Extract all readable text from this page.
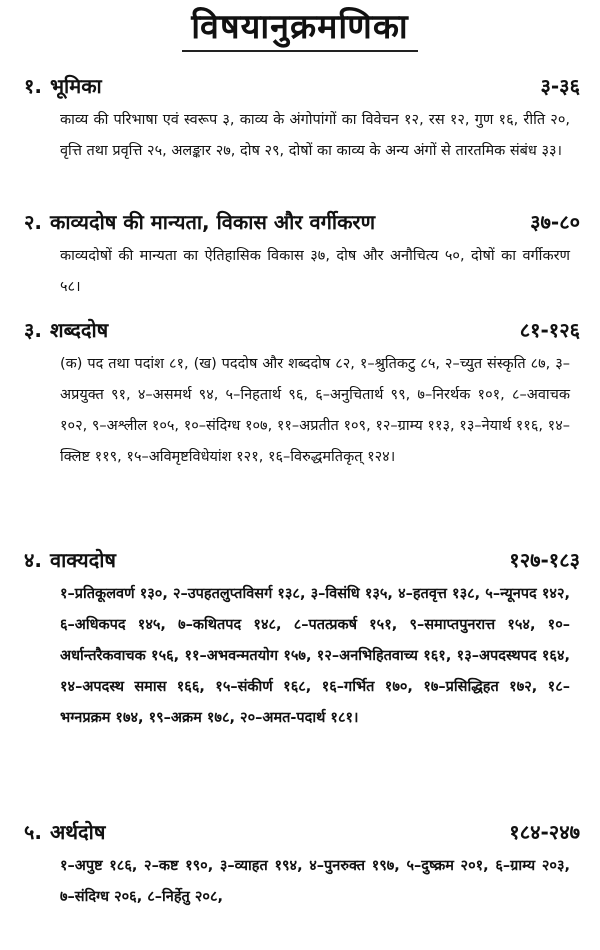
विषयानुक्रमणिका
१. भूमिका	३-३६
काव्य की परिभाषा एवं स्वरूप ३, काव्य के अंगोपांगों का विवेचन १२, रस १२, गुण १६, रीति २०, वृत्ति तथा प्रवृत्ति २५, अलङ्कार २७, दोष २९, दोषों का काव्य के अन्य अंगों से तारतमिक संबंध ३३।
२. काव्यदोष की मान्यता, विकास और वर्गीकरण	३७-८०
काव्यदोषों की मान्यता का ऐतिहासिक विकास ३७, दोष और अनौचित्य ५०, दोषों का वर्गीकरण ५८।
३. शब्ददोष	८१-१२६
(क) पद तथा पदांश ८१, (ख) पददोष और शब्ददोष ८२, १–श्रुतिकटु ८५, २–च्युत संस्कृति ८७, ३–अप्रयुक्त ९१, ४–असमर्थ ९४, ५–निहतार्थ ९६, ६–अनुचितार्थ ९९, ७–निरर्थक १०१, ८–अवाचक १०२, ९–अश्लील १०५, १०–संदिग्ध १०७, ११–अप्रतीत १०९, १२–ग्राम्य ११३, १३–नेयार्थ ११६, १४–क्लिष्ट ११९, १५–अविमृष्टविधेयांश १२१, १६–विरुद्धमतिकृत् १२४।
४. वाक्यदोष	१२७-१८३
१–प्रतिकूलवर्ण १३०, २–उपहतलुप्तविसर्ग १३८, ३–विसंधि १३५, ४–हतवृत्त १३८, ५–न्यूनपद १४२, ६–अधिकपद १४५, ७–कथितपद १४८, ८–पतत्प्रकर्ष १५१, ९–समाप्तपुनरात्त १५४, १०–अर्धान्तरैकवाचक १५६, ११–अभवन्मतयोग १५७, १२–अनभिहितवाच्य १६१, १३–अपदस्थपद १६४, १४–अपदस्थ समास १६६, १५–संकीर्ण १६८, १६–गर्भित १७०, १७–प्रसिद्धिहत १७२, १८–भग्नप्रक्रम १७४, १९–अक्रम १७८, २०–अमत-पदार्थ १८१।
५. अर्थदोष	१८४-२४७
१–अपुष्ट १८६, २–कष्ट १९०, ३–व्याहत १९४, ४–पुनरुक्त १९७, ५–दुष्क्रम २०१, ६–ग्राम्य २०३, ७–संदिग्ध २०६, ८–निर्हेतु २०८,
